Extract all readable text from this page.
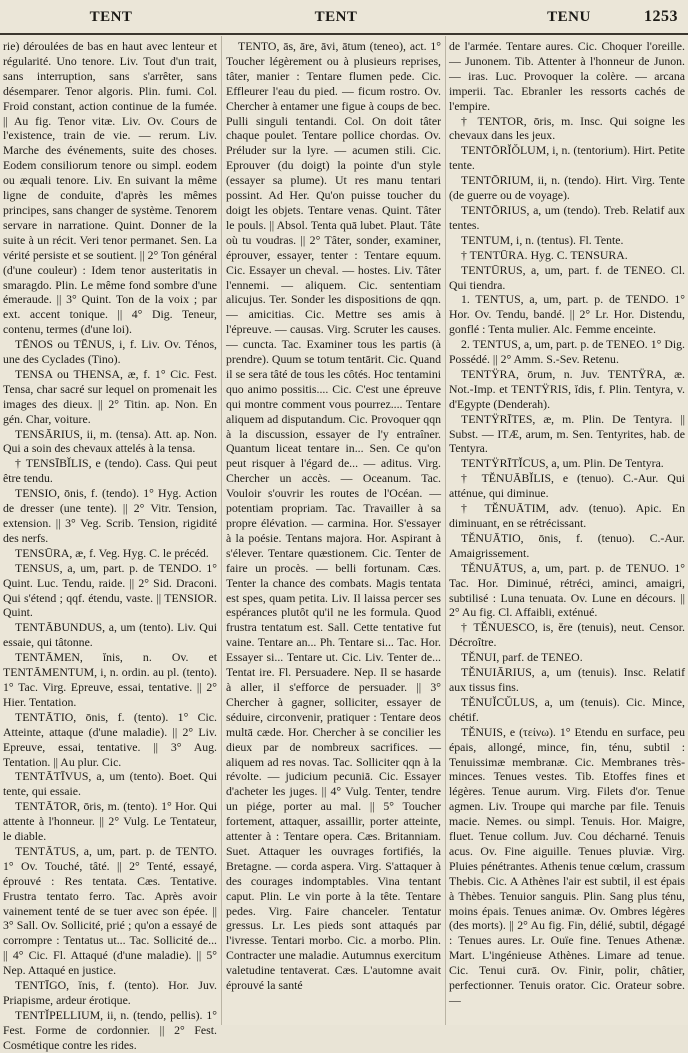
TENT	TENT	TENU	1253

rie) déroulées de bas en haut avec lenteur et régularité. Uno tenore. Liv. Tout d'un trait, sans interruption, sans s'arrêter, sans désemparer. Tenor algoris. Plin. fumi. Col. Froid constant, action continue de la fumée. || Au fig. Tenor vitæ. Liv. Ov. Cours de l'existence, train de vie. — rerum. Liv. Marche des événements, suite des choses. Eodem consiliorum tenore ou simpl. eodem ou æquali tenore. Liv. En suivant la même ligne de conduite, d'après les mêmes principes, sans changer de système. Tenorem servare in narratione. Quint. Donner de la suite à un récit. Veri tenor permanet. Sen. La vérité persiste et se soutient. || 2° Ton général (d'une couleur) : Idem tenor austeritatis in smaragdo. Plin. Le même fond sombre d'une émeraude. || 3° Quint. Ton de la voix ; par ext. accent tonique. || 4° Dig. Teneur, contenu, termes (d'une loi).

TĒNOS ou TĒNUS, i, f. Liv. Ov. Ténos, une des Cyclades (Tino).

TENSA ou THENSA, æ, f. 1° Cic. Fest. Tensa, char sacré sur lequel on promenait les images des dieux. || 2° Titin. ap. Non. En gén. Char, voiture.

TENSĀRIUS, ii, m. (tensa). Att. ap. Non. Qui a soin des chevaux attelés à la tensa.

† TENSĪBĬLIS, e (tendo). Cass. Qui peut être tendu.

TENSIO, ōnis, f. (tendo). 1° Hyg. Action de dresser (une tente). || 2° Vitr. Tension, extension. || 3° Veg. Scrib. Tension, rigidité des nerfs.

TENSŪRA, æ, f. Veg. Hyg. C. le précéd.

TENSUS, a, um, part. p. de TENDO. 1° Quint. Luc. Tendu, raide. || 2° Sid. Draconi. Qui s'étend ; qqf. étendu, vaste. || TENSIOR. Quint.

TENTĀBUNDUS, a, um (tento). Liv. Qui essaie, qui tâtonne.

TENTĀMEN, ĭnis, n. Ov. et TENTĀMENTUM, i, n. ordin. au pl. (tento). 1° Tac. Virg. Epreuve, essai, tentative. || 2° Hier. Tentation.

TENTĀTIO, ōnis, f. (tento). 1° Cic. Atteinte, attaque (d'une maladie). || 2° Liv. Epreuve, essai, tentative. || 3° Aug. Tentation. || Au plur. Cic.

TENTĀTĪVUS, a, um (tento). Boet. Qui tente, qui essaie.

TENTĀTOR, ōris, m. (tento). 1° Hor. Qui attente à l'honneur. || 2° Vulg. Le Tentateur, le diable.

TENTĀTUS, a, um, part. p. de TENTO. 1° Ov. Touché, tâté. || 2° Tenté, essayé, éprouvé : Res tentata. Cæs. Tentative. Frustra tentato ferro. Tac. Après avoir vainement tenté de se tuer avec son épée. || 3° Sall. Ov. Sollicité, prié ; qu'on a essayé de corrompre : Tentatus ut... Tac. Sollicité de... || 4° Cic. Fl. Attaqué (d'une maladie). || 5° Nep. Attaqué en justice.

TENTĪGO, ĭnis, f. (tento). Hor. Juv. Priapisme, ardeur érotique.

TENTĬPELLIUM, ii, n. (tendo, pellis). 1° Fest. Forme de cordonnier. || 2° Fest. Cosmétique contre les rides.

TENTO, ās, āre, āvi, ātum (teneo), act. 1° Toucher légèrement ou à plusieurs reprises, tâter, manier : Tentare flumen pede. Cic. Effleurer l'eau du pied. — ficum rostro. Ov. Chercher à entamer une figue à coups de bec. Pulli singuli tentandi. Col. On doit tâter chaque poulet. Tentare pollice chordas. Ov. Préluder sur la lyre. — acumen stili. Cic. Eprouver (du doigt) la pointe d'un style (essayer sa plume). Ut res manu tentari possint. Ad Her. Qu'on puisse toucher du doigt les objets. Tentare venas. Quint. Tâter le pouls. || Absol. Tenta quā lubet. Plaut. Tâte où tu voudras. || 2° Tâter, sonder, examiner, éprouver, essayer, tenter : Tentare equum. Cic. Essayer un cheval. — hostes. Liv. Tâter l'ennemi. — aliquem. Cic. sententiam alicujus. Ter. Sonder les dispositions de qqn. — amicitias. Cic. Mettre ses amis à l'épreuve. — causas. Virg. Scruter les causes. — cuncta. Tac. Examiner tous les partis (à prendre). Quum se totum tentārit. Cic. Quand il se sera tâté de tous les côtés. Hoc tentamini quo animo possitis.... Cic. C'est une épreuve qui montre comment vous pourrez.... Tentare aliquem ad disputandum. Cic. Provoquer qqn à la discussion, essayer de l'y entraîner. Quantum liceat tentare in... Sen. Ce qu'on peut risquer à l'égard de... — aditus. Virg. Chercher un accès. — Oceanum. Tac. Vouloir s'ouvrir les routes de l'Océan. — potentiam propriam. Tac. Travailler à sa propre élévation. — carmina. Hor. S'essayer à la poésie. Tentans majora. Hor. Aspirant à s'élever. Tentare quæstionem. Cic. Tenter de faire un procès. — belli fortunam. Cæs. Tenter la chance des combats. Magis tentata est spes, quam petita. Liv. Il laissa percer ses espérances plutôt qu'il ne les formula. Quod frustra tentatum est. Sall. Cette tentative fut vaine. Tentare an... Ph. Tentare si... Tac. Hor. Essayer si... Tentare ut. Cic. Liv. Tenter de... Tentat ire. Fl. Persuadere. Nep. Il se hasarde à aller, il s'efforce de persuader. || 3° Chercher à gagner, solliciter, essayer de séduire, circonvenir, pratiquer : Tentare deos multā cæde. Hor. Chercher à se concilier les dieux par de nombreux sacrifices. — aliquem ad res novas. Tac. Solliciter qqn à la révolte. — judicium pecuniā. Cic. Essayer d'acheter les juges. || 4° Vulg. Tenter, tendre un piége, porter au mal. || 5° Toucher fortement, attaquer, assaillir, porter atteinte, attenter à : Tentare opera. Cæs. Britanniam. Suet. Attaquer les ouvrages fortifiés, la Bretagne. — corda aspera. Virg. S'attaquer à des courages indomptables. Vina tentant caput. Plin. Le vin porte à la tête. Tentare pedes. Virg. Faire chanceler. Tentatur gressus. Lr. Les pieds sont attaqués par l'ivresse. Tentari morbo. Cic. a morbo. Plin. Contracter une maladie. Autumnus exercitum valetudine tentaverat. Cæs. L'automne avait éprouvé la santé

de l'armée. Tentare aures. Cic. Choquer l'oreille. — Junonem. Tib. Attenter à l'honneur de Junon. — iras. Luc. Provoquer la colère. — arcana imperii. Tac. Ebranler les ressorts cachés de l'empire.

† TENTOR, ōris, m. Insc. Qui soigne les chevaux dans les jeux.

TENTŌRĬŎLUM, i, n. (tentorium). Hirt. Petite tente.

TENTŌRIUM, ii, n. (tendo). Hirt. Virg. Tente (de guerre ou de voyage).

TENTŌRIUS, a, um (tendo). Treb. Relatif aux tentes.

TENTUM, i, n. (tentus). Fl. Tente.

† TENTŪRA. Hyg. C. TENSURA.

TENTŪRUS, a, um, part. f. de TENEO. Cl. Qui tiendra.

1. TENTUS, a, um, part. p. de TENDO. 1° Hor. Ov. Tendu, bandé. || 2° Lr. Hor. Distendu, gonflé : Tenta mulier. Alc. Femme enceinte.

2. TENTUS, a, um, part. p. de TENEO. 1° Dig. Possédé. || 2° Amm. S.-Sev. Retenu.

TENTŸRA, ōrum, n. Juv. TENTŸRA, æ. Not.-Imp. et TENTŸRIS, ĭdis, f. Plin. Tentyra, v. d'Egypte (Denderah).

TENTŸRĪTES, æ, m. Plin. De Tentyra. || Subst. — ITÆ, arum, m. Sen. Tentyrites, hab. de Tentyra.

TENTŸRĪTĬCUS, a, um. Plin. De Tentyra.

† TĔNUĀBĬLIS, e (tenuo). C.-Aur. Qui atténue, qui diminue.

† TĔNUĀTIM, adv. (tenuo). Apic. En diminuant, en se rétrécissant.

TĔNUĀTIO, ōnis, f. (tenuo). C.-Aur. Amaigrissement.

TĔNUĀTUS, a, um, part. p. de TENUO. 1° Tac. Hor. Diminué, rétréci, aminci, amaigri, subtilisé : Luna tenuata. Ov. Lune en décours. || 2° Au fig. Cl. Affaibli, exténué.

† TĔNUESCO, is, ĕre (tenuis), neut. Censor. Décroître.

TĔNUI, parf. de TENEO.

TĔNUIĀRIUS, a, um (tenuis). Insc. Relatif aux tissus fins.

TĔNUĬCŬLUS, a, um (tenuis). Cic. Mince, chétif.

TĔNUIS, e (τείνω). 1° Etendu en surface, peu épais, allongé, mince, fin, ténu, subtil : Tenuissimæ membranæ. Cic. Membranes très-minces. Tenues vestes. Tib. Etoffes fines et légères. Tenue aurum. Virg. Filets d'or. Tenue agmen. Liv. Troupe qui marche par file. Tenuis macie. Nemes. ou simpl. Tenuis. Hor. Maigre, fluet. Tenue collum. Juv. Cou décharné. Tenuis acus. Ov. Fine aiguille. Tenues pluviæ. Virg. Pluies pénétrantes. Athenis tenue cœlum, crassum Thebis. Cic. A Athènes l'air est subtil, il est épais à Thèbes. Tenuior sanguis. Plin. Sang plus ténu, moins épais. Tenues animæ. Ov. Ombres légères (des morts). || 2° Au fig. Fin, délié, subtil, dégagé : Tenues aures. Lr. Ouïe fine. Tenues Athenæ. Mart. L'ingénieuse Athènes. Limare ad tenue. Cic. Tenui curā. Ov. Finir, polir, châtier, perfectionner. Tenuis orator. Cic. Orateur sobre. —
